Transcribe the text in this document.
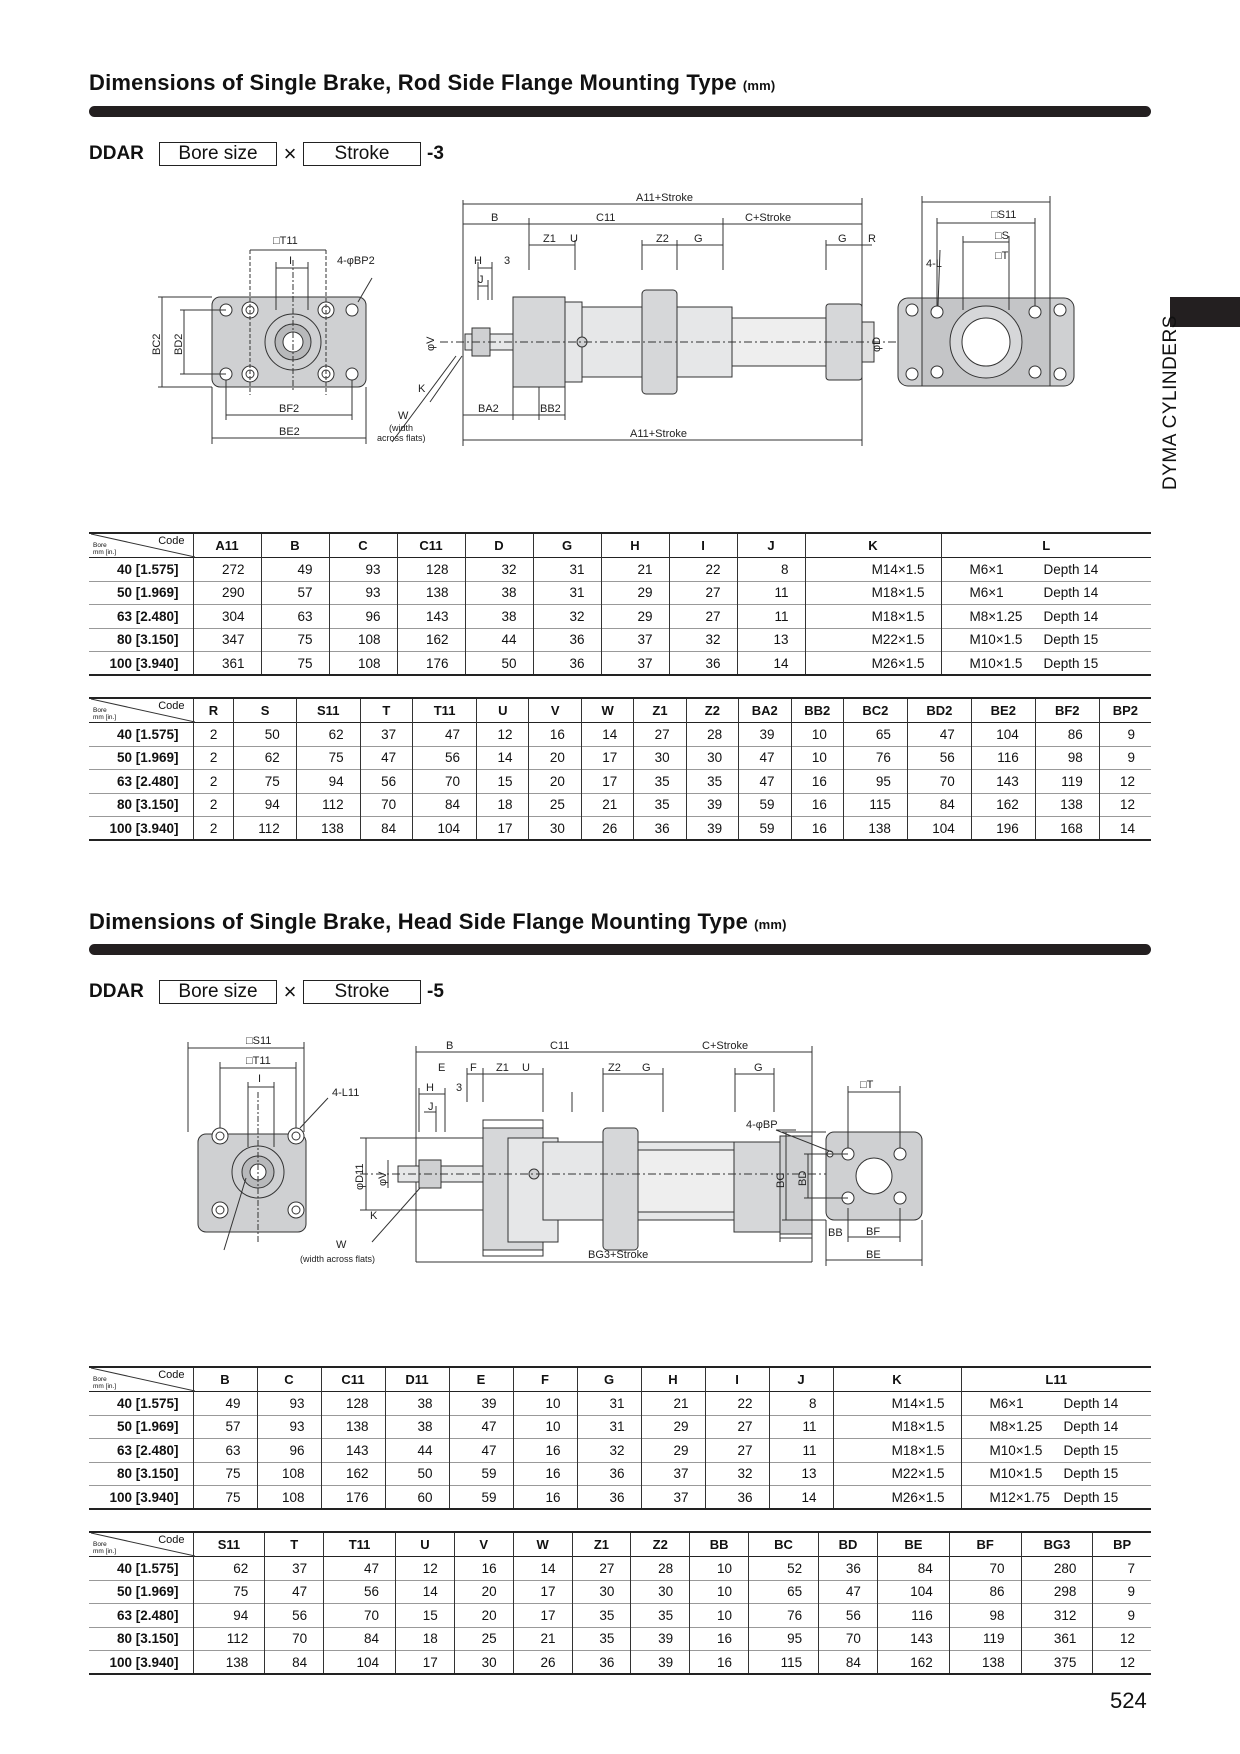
Dimensions of Single Brake, Rod Side Flange Mounting Type (mm)
DDAR	Bore size	×	Stroke	-3
□T11
I	4-φBP2
BC2 BD2
BF2
BE2
A11+Stroke
B	C11	C+Stroke
Z1 U	Z2 G	G R
H 3
J
φV
K
W
(width
across flats)
BA2	BB2
A11+Stroke
φD
□S11
□S
□T
4-L
DYMA CYLINDERS
Code
Bore
mm [in.]	A11	B	C	C11	D	G	H	I	J	K	L
40 [1.575]	272	49	93	128	32	31	21	22	8	M14×1.5	M6×1 Depth 14
50 [1.969]	290	57	93	138	38	31	29	27	11	M18×1.5	M6×1 Depth 14
63 [2.480]	304	63	96	143	38	32	29	27	11	M18×1.5	M8×1.25 Depth 14
80 [3.150]	347	75	108	162	44	36	37	32	13	M22×1.5	M10×1.5 Depth 15
100 [3.940]	361	75	108	176	50	36	37	36	14	M26×1.5	M10×1.5 Depth 15
Code
Bore
mm [in.]	R	S	S11	T	T11	U	V	W	Z1	Z2	BA2	BB2	BC2	BD2	BE2	BF2	BP2
40 [1.575]	2	50	62	37	47	12	16	14	27	28	39	10	65	47	104	86	9
50 [1.969]	2	62	75	47	56	14	20	17	30	30	47	10	76	56	116	98	9
63 [2.480]	2	75	94	56	70	15	20	17	35	35	47	16	95	70	143	119	12
80 [3.150]	2	94	112	70	84	18	25	21	35	39	59	16	115	84	162	138	12
100 [3.940]	2	112	138	84	104	17	30	26	36	39	59	16	138	104	196	168	14
Dimensions of Single Brake, Head Side Flange Mounting Type (mm)
DDAR	Bore size	×	Stroke	-5
□S11
□T11
I
4-L11
W
(width across flats)
B	C11	C+Stroke
E F Z1 U	Z2 G	G
H 3
J
φD11 φV
K
BB
BG3+Stroke
4-φBP
□T
BC BD
BF
BE
Code
Bore
mm [in.]	B	C	C11	D11	E	F	G	H	I	J	K	L11
40 [1.575]	49	93	128	38	39	10	31	21	22	8	M14×1.5	M6×1 Depth 14
50 [1.969]	57	93	138	38	47	10	31	29	27	11	M18×1.5	M8×1.25 Depth 14
63 [2.480]	63	96	143	44	47	16	32	29	27	11	M18×1.5	M10×1.5 Depth 15
80 [3.150]	75	108	162	50	59	16	36	37	32	13	M22×1.5	M10×1.5 Depth 15
100 [3.940]	75	108	176	60	59	16	36	37	36	14	M26×1.5	M12×1.75 Depth 15
Code
Bore
mm [in.]	S11	T	T11	U	V	W	Z1	Z2	BB	BC	BD	BE	BF	BG3	BP
40 [1.575]	62	37	47	12	16	14	27	28	10	52	36	84	70	280	7
50 [1.969]	75	47	56	14	20	17	30	30	10	65	47	104	86	298	9
63 [2.480]	94	56	70	15	20	17	35	35	10	76	56	116	98	312	9
80 [3.150]	112	70	84	18	25	21	35	39	16	95	70	143	119	361	12
100 [3.940]	138	84	104	17	30	26	36	39	16	115	84	162	138	375	12
524
